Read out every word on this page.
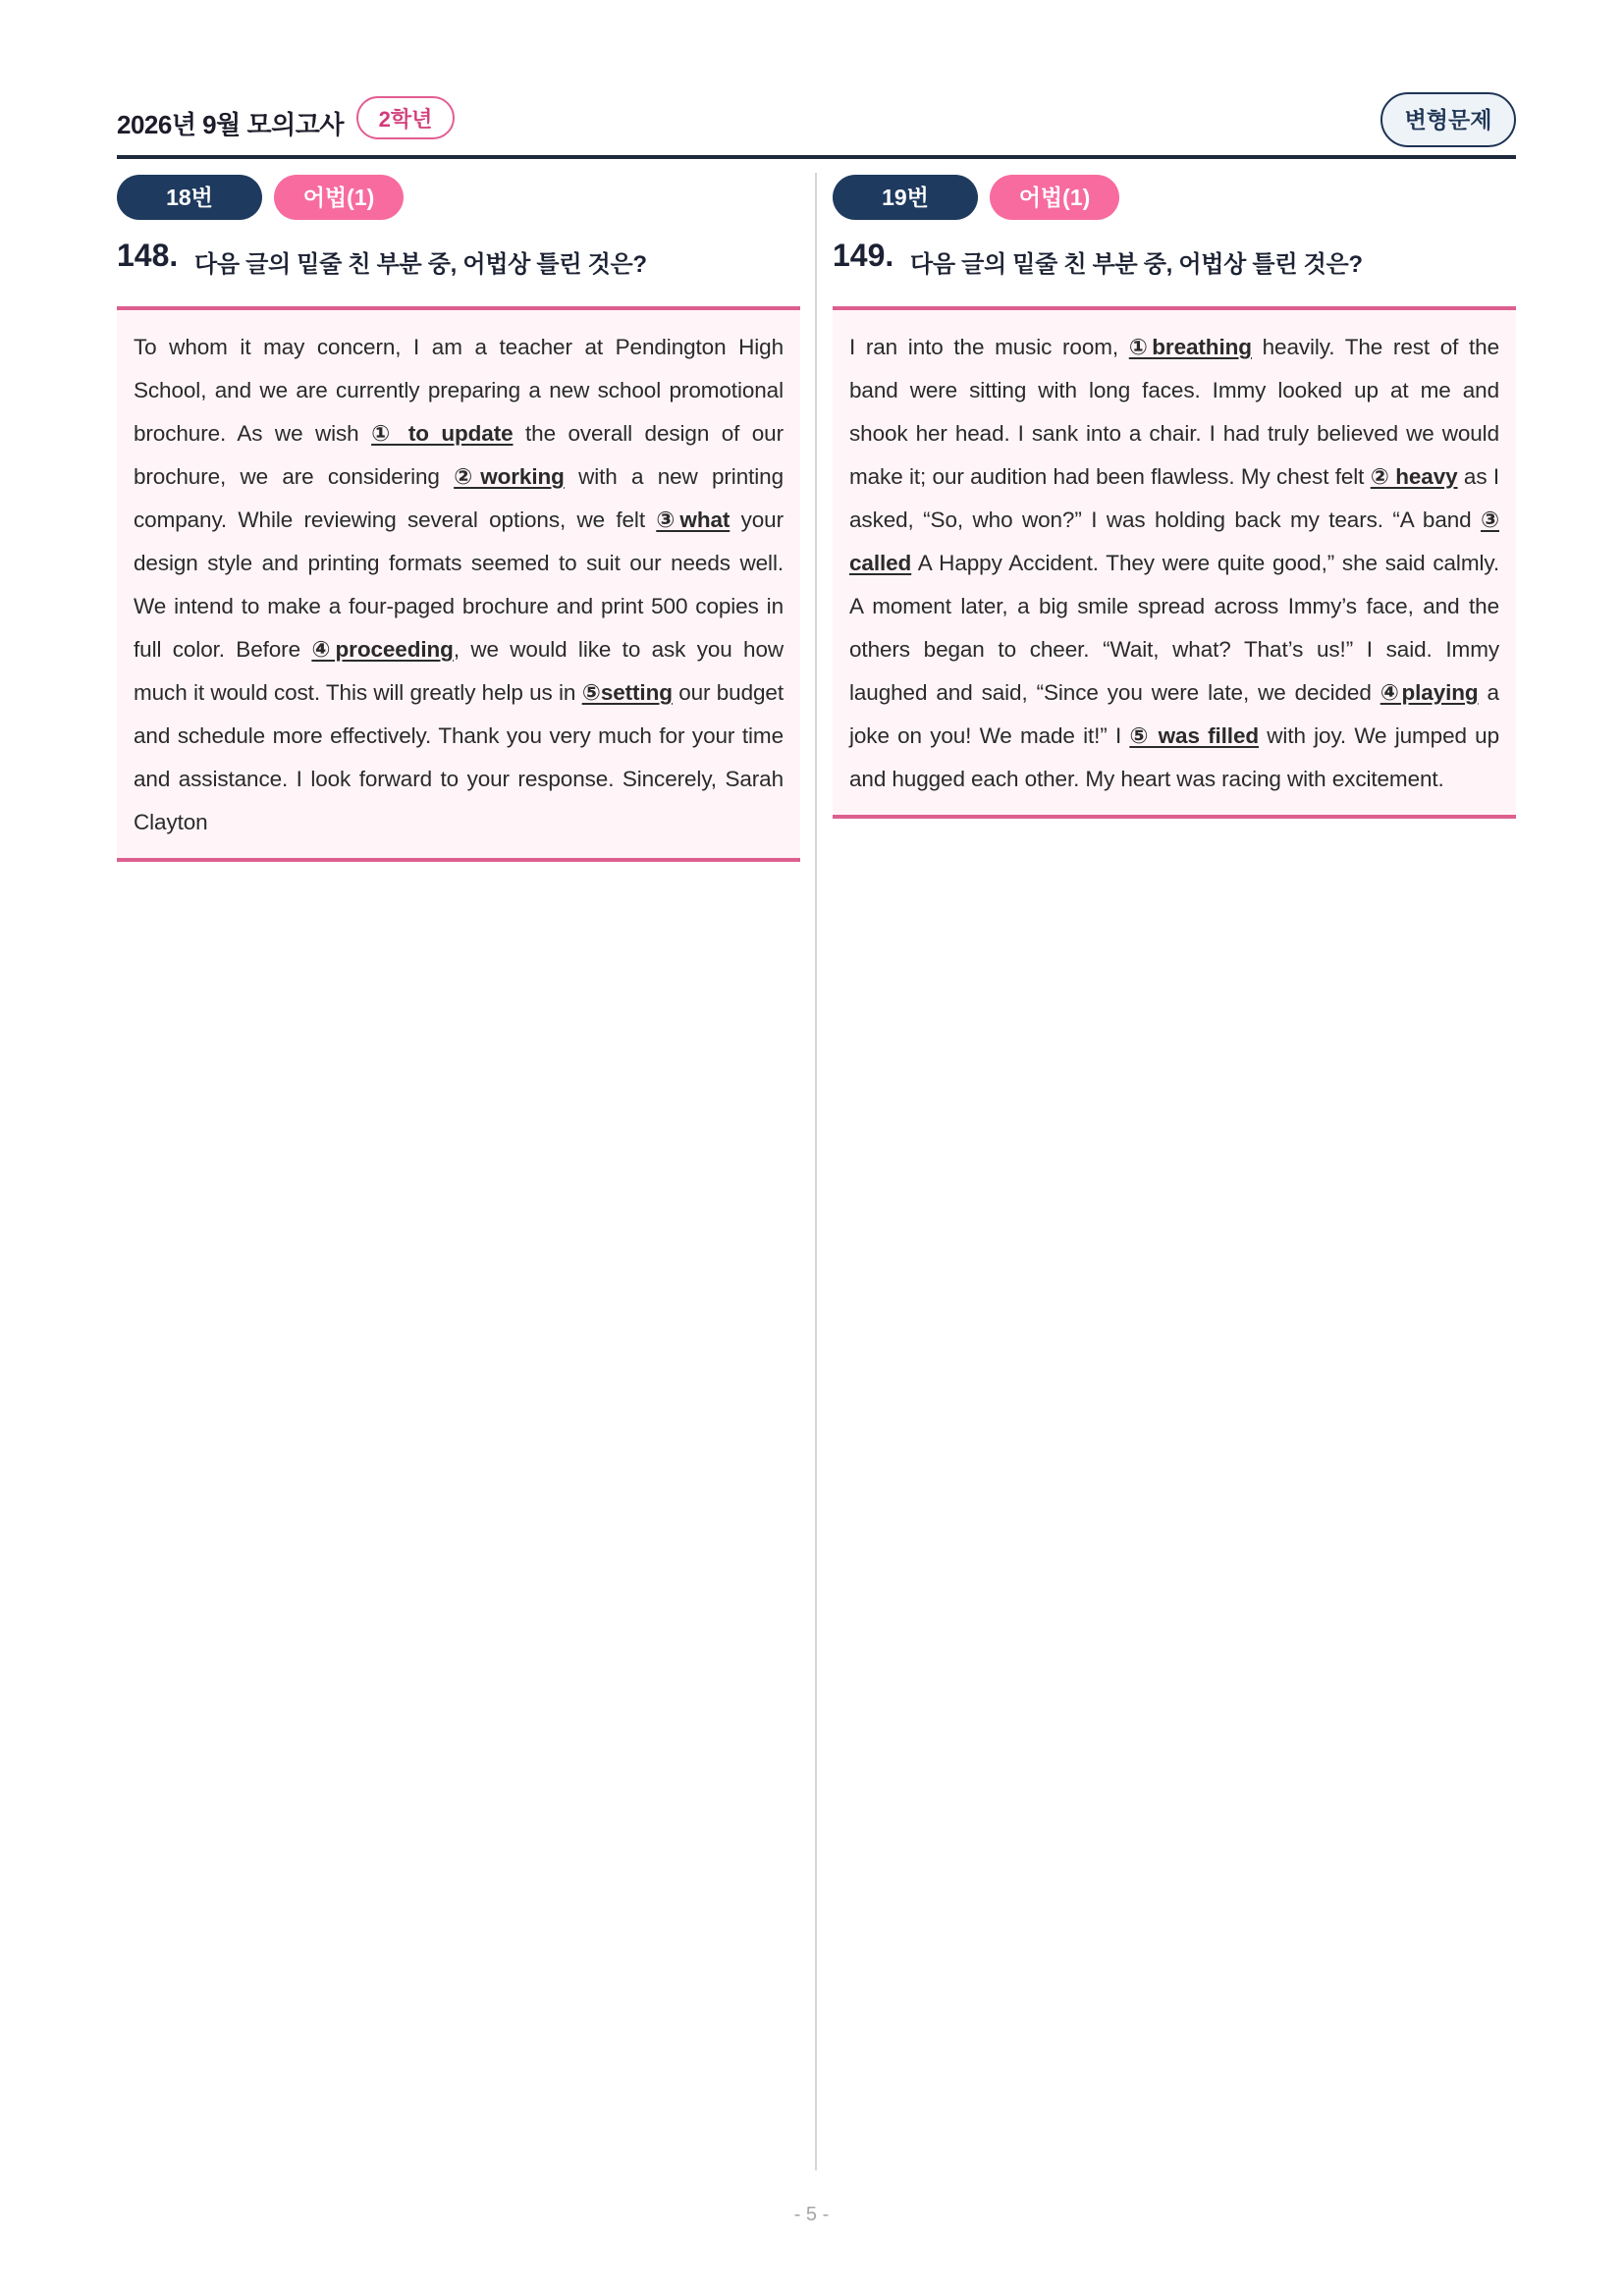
2026년 9월 모의고사	2학년	변형문제
18번	어법(1)
148. 다음 글의 밑줄 친 부분 중, 어법상 틀린 것은?
To whom it may concern, I am a teacher at Pendington High School, and we are currently preparing a new school promotional brochure. As we wish ① to update the overall design of our brochure, we are considering ②working with a new printing company. While reviewing several options, we felt ③what your design style and printing formats seemed to suit our needs well. We intend to make a four-paged brochure and print 500 copies in full color. Before ④proceeding, we would like to ask you how much it would cost. This will greatly help us in ⑤setting our budget and schedule more effectively. Thank you very much for your time and assistance. I look forward to your response. Sincerely, Sarah Clayton
19번	어법(1)
149. 다음 글의 밑줄 친 부분 중, 어법상 틀린 것은?
I ran into the music room, ①breathing heavily. The rest of the band were sitting with long faces. Immy looked up at me and shook her head. I sank into a chair. I had truly believed we would make it; our audition had been flawless. My chest felt ② heavy as I asked, “So, who won?” I was holding back my tears. “A band ③ called A Happy Accident. They were quite good,” she said calmly. A moment later, a big smile spread across Immy’s face, and the others began to cheer. “Wait, what? That’s us!” I said. Immy laughed and said, “Since you were late, we decided ④playing a joke on you! We made it!” I ⑤ was filled with joy. We jumped up and hugged each other. My heart was racing with excitement.
- 5 -
